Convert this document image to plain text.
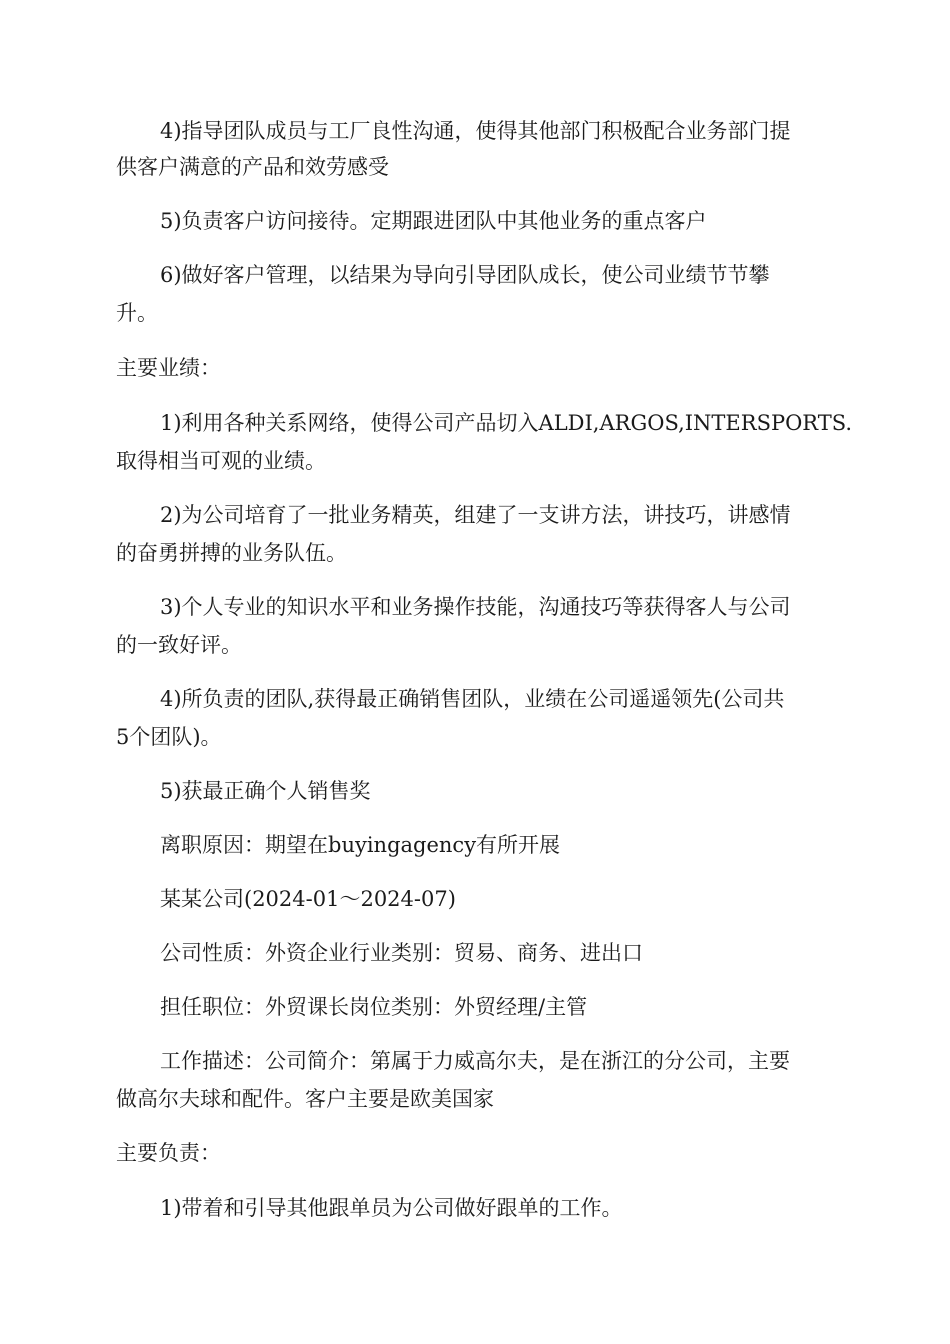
4)指导团队成员与工厂良性沟通，使得其他部门积极配合业务部门提
供客户满意的产品和效劳感受
5)负责客户访问接待。定期跟进团队中其他业务的重点客户
6)做好客户管理，以结果为导向引导团队成长，使公司业绩节节攀
升。
主要业绩：
1)利用各种关系网络，使得公司产品切入ALDI,ARGOS,INTERSPORTS.
取得相当可观的业绩。
2)为公司培育了一批业务精英，组建了一支讲方法，讲技巧，讲感情
的奋勇拼搏的业务队伍。
3)个人专业的知识水平和业务操作技能，沟通技巧等获得客人与公司
的一致好评。
4)所负责的团队,获得最正确销售团队，业绩在公司遥遥领先(公司共
5个团队)。
5)获最正确个人销售奖
离职原因：期望在buyingagency有所开展
某某公司(2024-01～2024-07)
公司性质：外资企业行业类别：贸易、商务、进出口
担任职位：外贸课长岗位类别：外贸经理/主管
工作描述：公司简介：第属于力威高尔夫，是在浙江的分公司，主要
做高尔夫球和配件。客户主要是欧美国家
主要负责：
1)带着和引导其他跟单员为公司做好跟单的工作。
